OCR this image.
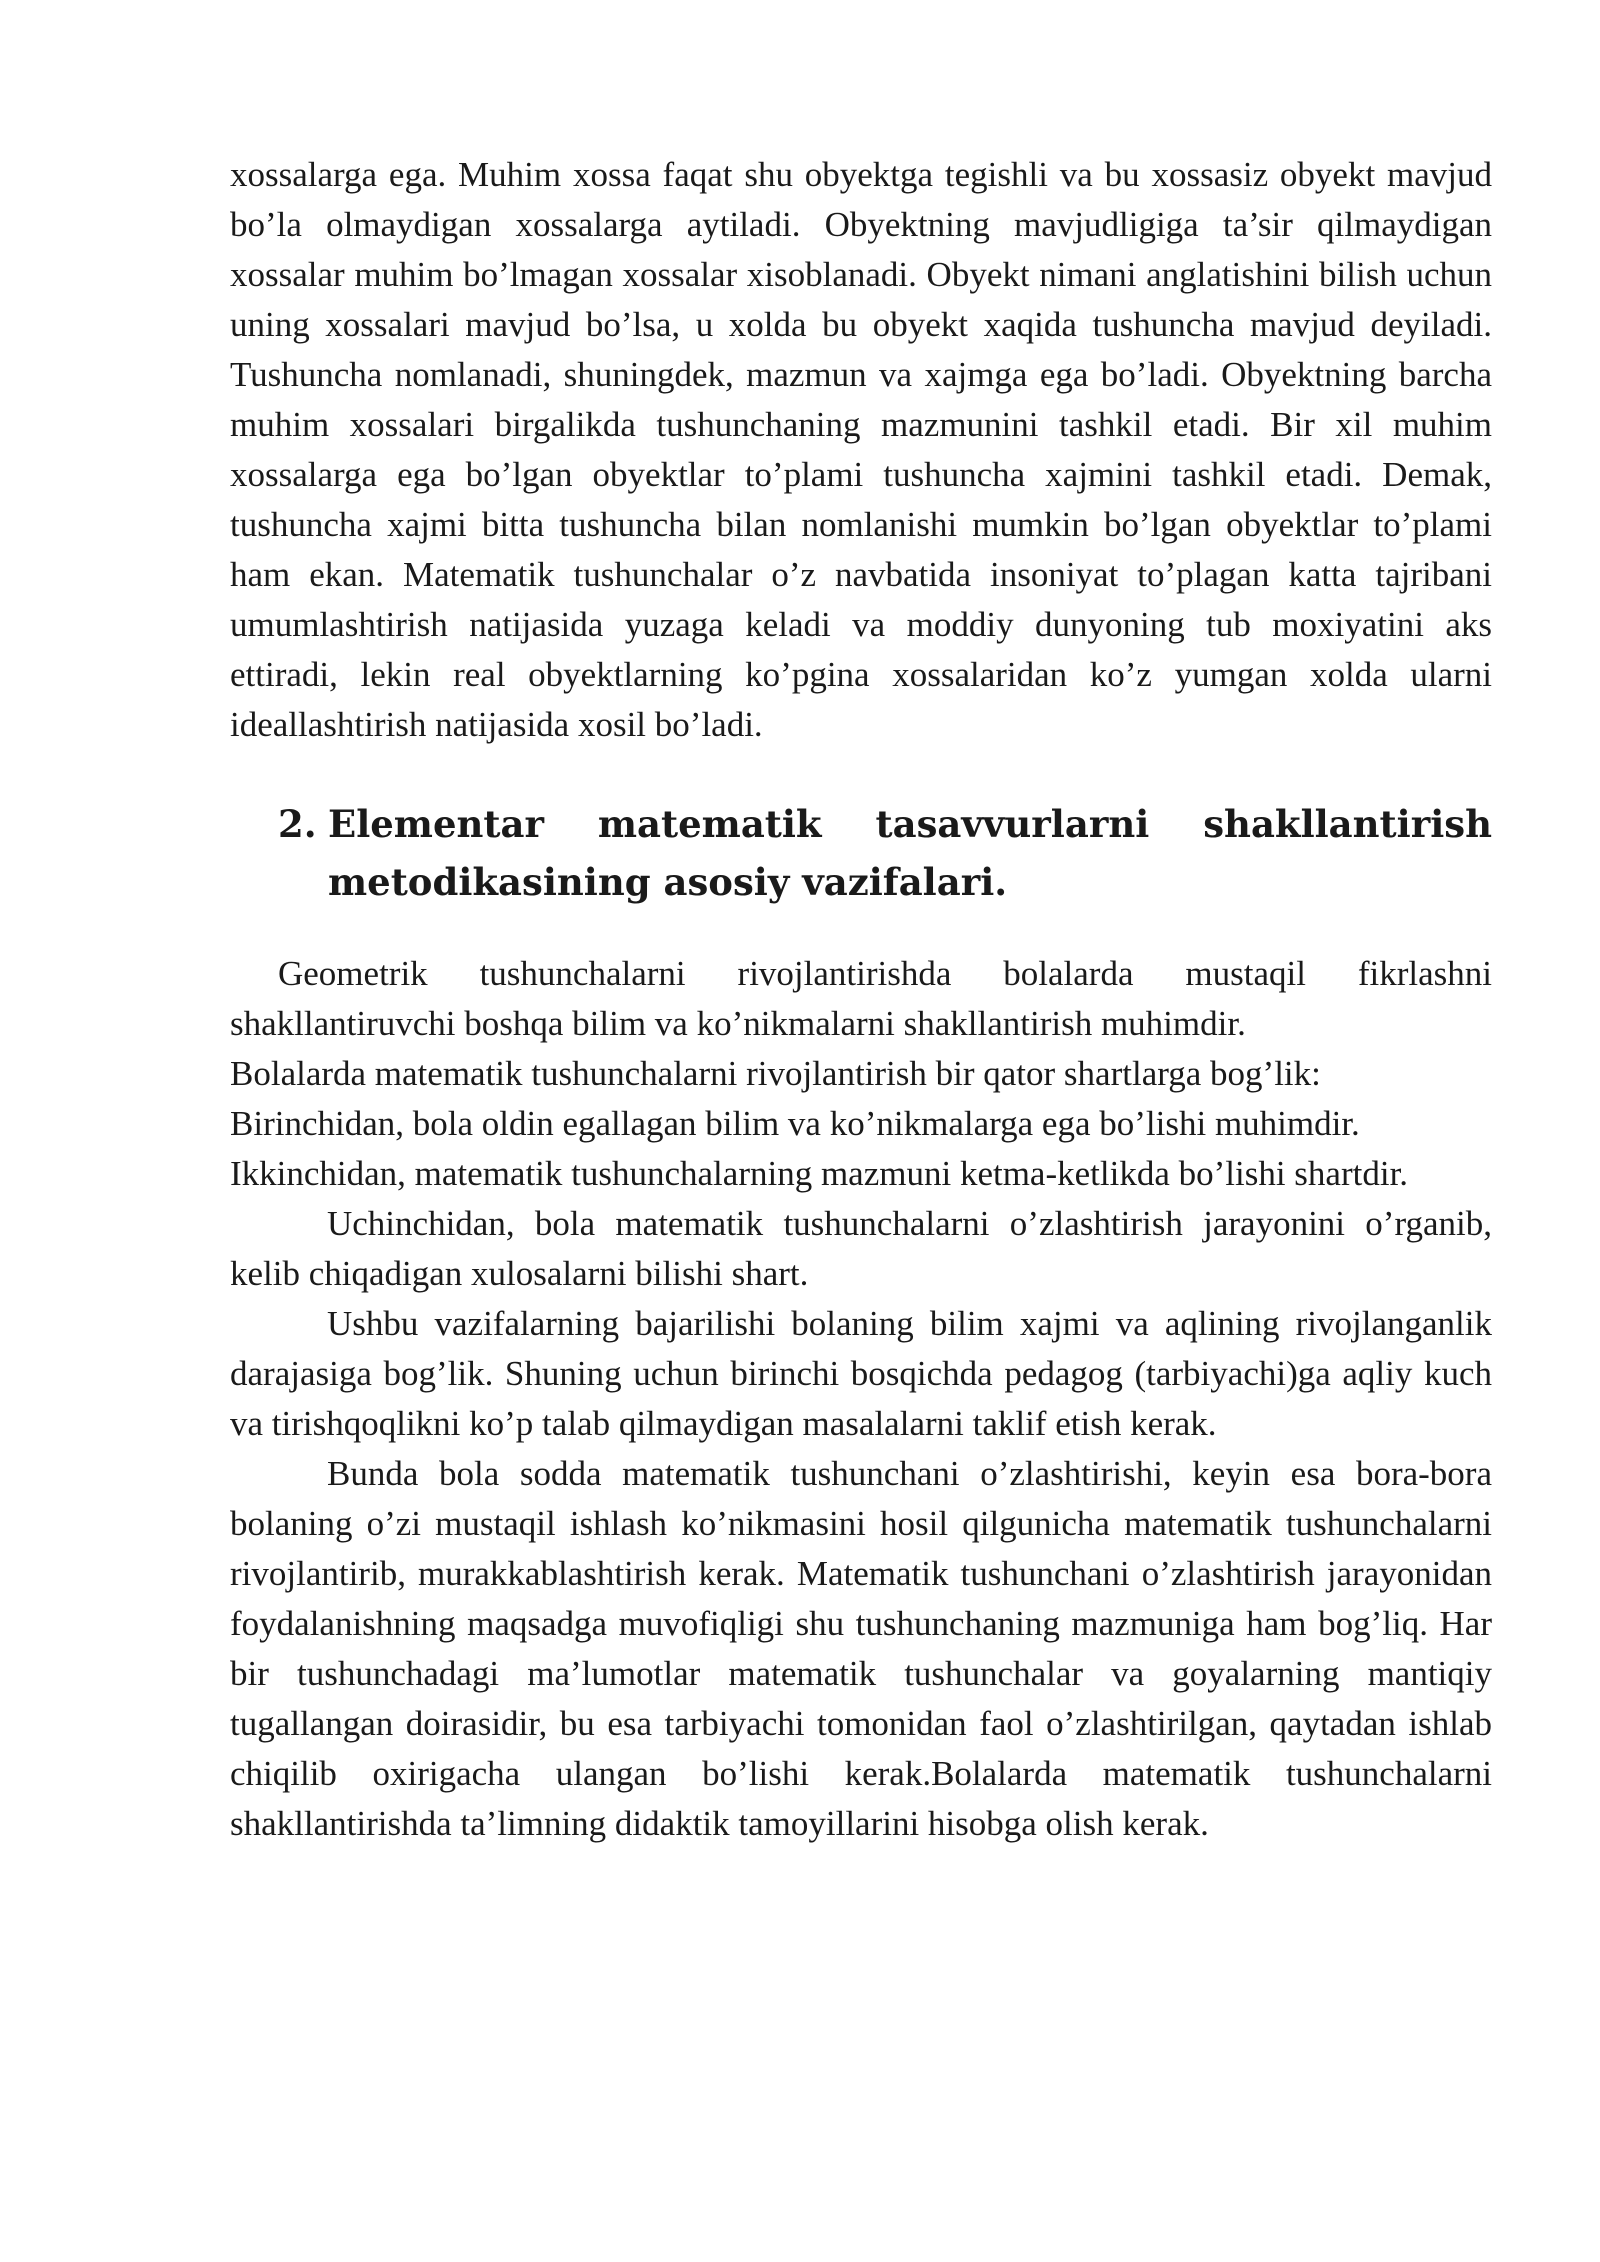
xossalarga ega. Muhim xossa faqat shu obyektga tegishli va bu xossasiz obyekt mavjud bo’la olmaydigan xossalarga aytiladi. Obyektning mavjudligiga ta’sir qilmaydigan xossalar muhim bo’lmagan xossalar xisoblanadi. Obyekt nimani anglatishini bilish uchun uning xossalari mavjud bo’lsa, u xolda bu obyekt xaqida tushuncha mavjud deyiladi. Tushuncha nomlanadi, shuningdek, mazmun va xajmga ega bo’ladi. Obyektning barcha muhim xossalari birgalikda tushunchaning mazmunini tashkil etadi. Bir xil muhim xossalarga ega bo’lgan obyektlar to’plami tushuncha xajmini tashkil etadi. Demak, tushuncha xajmi bitta tushuncha bilan nomlanishi mumkin bo’lgan obyektlar to’plami ham ekan. Matematik tushunchalar o’z navbatida insoniyat to’plagan katta tajribani umumlashtirish natijasida yuzaga keladi va moddiy dunyoning tub moxiyatini aks ettiradi, lekin real obyektlarning ko’pgina xossalaridan ko’z yumgan xolda ularni ideallashtirish natijasida xosil bo’ladi.

2. Elementar matematik tasavvurlarni shakllantirish metodikasining asosiy vazifalari.

Geometrik tushunchalarni rivojlantirishda bolalarda mustaqil fikrlashni shakllantiruvchi boshqa bilim va ko’nikmalarni shakllantirish muhimdir.

Bolalarda matematik tushunchalarni rivojlantirish bir qator shartlarga bog’lik:

Birinchidan, bola oldin egallagan bilim va ko’nikmalarga ega bo’lishi muhimdir.

Ikkinchidan, matematik tushunchalarning mazmuni ketma-ketlikda bo’lishi shartdir.

Uchinchidan, bola matematik tushunchalarni o’zlashtirish jarayonini o’rganib, kelib chiqadigan xulosalarni bilishi shart.

Ushbu vazifalarning bajarilishi bolaning bilim xajmi va aqlining rivojlanganlik darajasiga bog’lik. Shuning uchun birinchi bosqichda pedagog (tarbiyachi)ga aqliy kuch va tirishqoqlikni ko’p talab qilmaydigan masalalarni taklif etish kerak.

Bunda bola sodda matematik tushunchani o’zlashtirishi, keyin esa bora-bora bolaning o’zi mustaqil ishlash ko’nikmasini hosil qilgunicha matematik tushunchalarni rivojlantirib, murakkablashtirish kerak. Matematik tushunchani o’zlashtirish jarayonidan foydalanishning maqsadga muvofiqligi shu tushunchaning mazmuniga ham bog’liq. Har bir tushunchadagi ma’lumotlar matematik tushunchalar va goyalarning mantiqiy tugallangan doirasidir, bu esa tarbiyachi tomonidan faol o’zlashtirilgan, qaytadan ishlab chiqilib oxirigacha ulangan bo’lishi kerak.Bolalarda matematik tushunchalarni shakllantirishda ta’limning didaktik tamoyillarini hisobga olish kerak.
